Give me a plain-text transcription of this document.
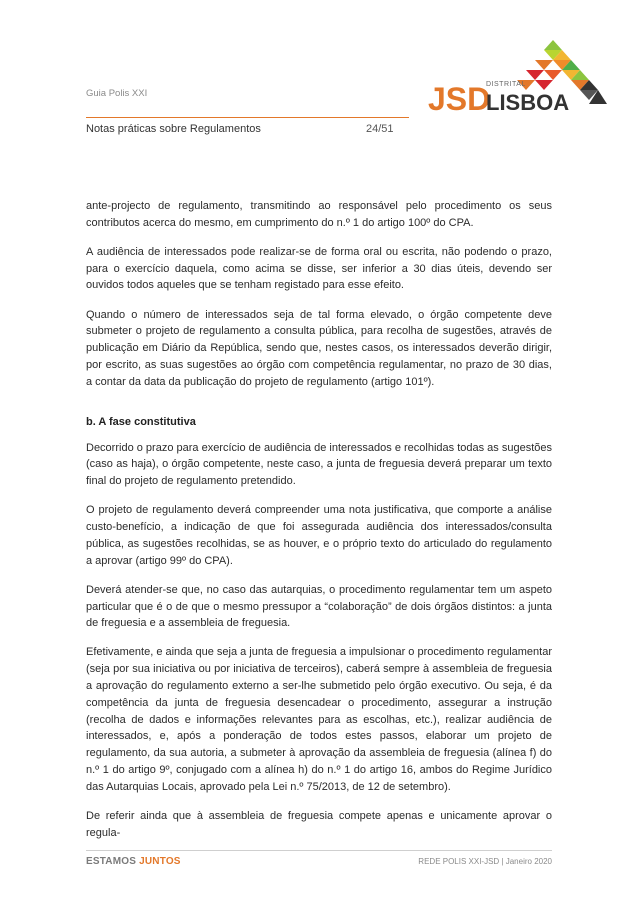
Guia Polis XXI
Notas práticas sobre Regulamentos	24/51
JSD
DISTRITAL
LISBOA

ante-projecto de regulamento, transmitindo ao responsável pelo procedimento os seus contributos acerca do mesmo, em cumprimento do n.º 1 do artigo 100º do CPA.

A audiência de interessados pode realizar-se de forma oral ou escrita, não podendo o prazo, para o exercício daquela, como acima se disse, ser inferior a 30 dias úteis, devendo ser ouvidos todos aqueles que se tenham registado para esse efeito.

Quando o número de interessados seja de tal forma elevado, o órgão competente deve submeter o projeto de regulamento a consulta pública, para recolha de sugestões, através de publicação em Diário da República, sendo que, nestes casos, os interessados deverão dirigir, por escrito, as suas sugestões ao órgão com competência regulamentar, no prazo de 30 dias, a contar da data da publicação do projeto de regulamento (artigo 101º).

b. A fase constitutiva

Decorrido o prazo para exercício de audiência de interessados e recolhidas todas as sugestões (caso as haja), o órgão competente, neste caso, a junta de freguesia deverá preparar um texto final do projeto de regulamento pretendido.

O projeto de regulamento deverá compreender uma nota justificativa, que comporte a análise custo-benefício, a indicação de que foi assegurada audiência dos interessados/consulta pública, as sugestões recolhidas, se as houver, e o próprio texto do articulado do regulamento a aprovar (artigo 99º do CPA).

Deverá atender-se que, no caso das autarquias, o procedimento regulamentar tem um aspeto particular que é o de que o mesmo pressupor a “colaboração” de dois órgãos distintos: a junta de freguesia e a assembleia de freguesia.

Efetivamente, e ainda que seja a junta de freguesia a impulsionar o procedimento regulamentar (seja por sua iniciativa ou por iniciativa de terceiros), caberá sempre à assembleia de freguesia a aprovação do regulamento externo a ser-lhe submetido pelo órgão executivo. Ou seja, é da competência da junta de freguesia desencadear o procedimento, assegurar a instrução (recolha de dados e informações relevantes para as escolhas, etc.), realizar audiência de interessados, e, após a ponderação de todos estes passos, elaborar um projeto de regulamento, da sua autoria, a submeter à aprovação da assembleia de freguesia (alínea f) do n.º 1 do artigo 9º, conjugado com a alínea h) do n.º 1 do artigo 16, ambos do Regime Jurídico das Autarquias Locais, aprovado pela Lei n.º 75/2013, de 12 de setembro).

De referir ainda que à assembleia de freguesia compete apenas e unicamente aprovar o regula-

ESTAMOS JUNTOS	REDE POLIS XXI-JSD | Janeiro 2020
